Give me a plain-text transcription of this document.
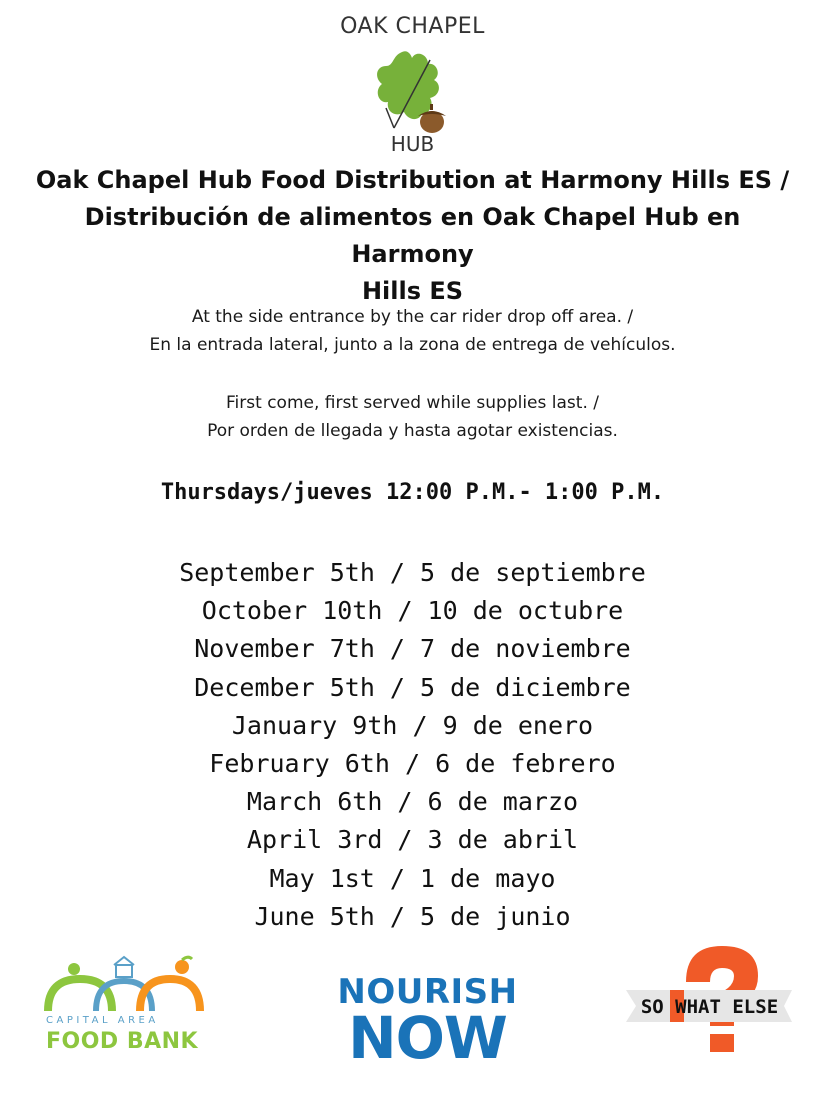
OAK CHAPEL
HUB
Oak Chapel Hub Food Distribution at Harmony Hills ES /
Distribución de alimentos en Oak Chapel Hub en Harmony
Hills ES

At the side entrance by the car rider drop off area. /
En la entrada lateral, junto a la zona de entrega de vehículos.

First come, first served while supplies last. /
Por orden de llegada y hasta agotar existencias.

Thursdays/jueves 12:00 P.M.- 1:00 P.M.

September 5th / 5 de septiembre
October 10th / 10 de octubre
November 7th / 7 de noviembre
December 5th / 5 de diciembre
January 9th / 9 de enero
February 6th / 6 de febrero
March 6th / 6 de marzo
April 3rd / 3 de abril
May 1st / 1 de mayo
June 5th / 5 de junio
CAPITAL AREA
FOOD BANK

NOURISH

NOW	SO WHAT ELSE
